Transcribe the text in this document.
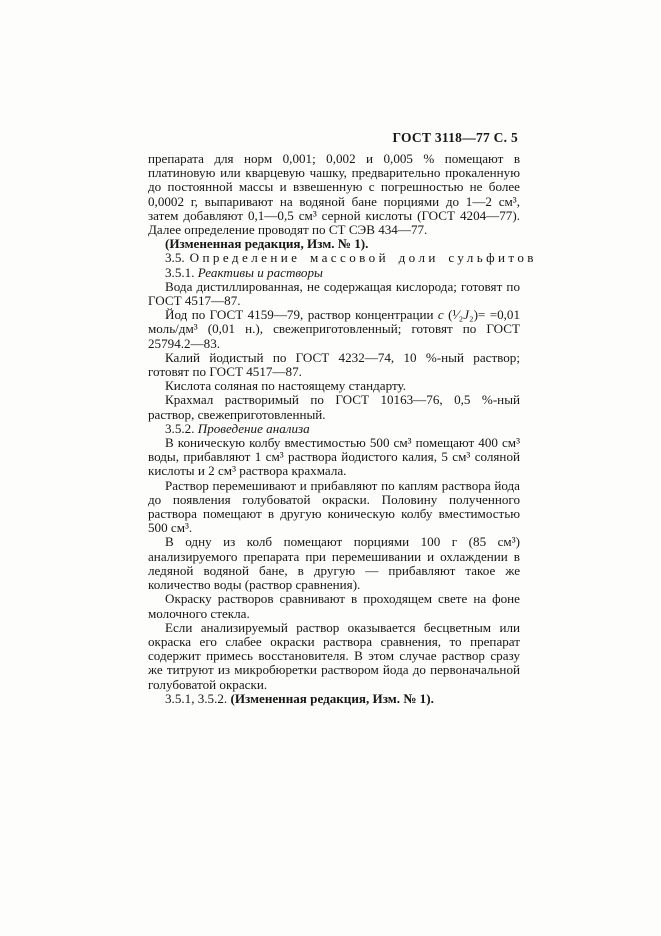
ГОСТ 3118—77 С. 5

препарата для норм 0,001; 0,002 и 0,005 % помещают в платиновую или кварцевую чашку, предварительно прокаленную до постоянной массы и взвешенную с погрешностью не более 0,0002 г, выпаривают на водяной бане порциями до 1—2 см³, затем добавляют 0,1—0,5 см³ серной кислоты (ГОСТ 4204—77). Далее определение проводят по СТ СЭВ 434—77.

(Измененная редакция, Изм. № 1).

3.5. Определение массовой доли сульфитов

3.5.1. Реактивы и растворы

Вода дистиллированная, не содержащая кислорода; готовят по ГОСТ 4517—87.

Йод по ГОСТ 4159—79, раствор концентрации с (¹⁄₂J₂)= =0,01 моль/дм³ (0,01 н.), свежеприготовленный; готовят по ГОСТ 25794.2—83.

Калий йодистый по ГОСТ 4232—74, 10 %-ный раствор; готовят по ГОСТ 4517—87.

Кислота соляная по настоящему стандарту.

Крахмал растворимый по ГОСТ 10163—76, 0,5 %-ный раствор, свежеприготовленный.

3.5.2. Проведение анализа

В коническую колбу вместимостью 500 см³ помещают 400 см³ воды, прибавляют 1 см³ раствора йодистого калия, 5 см³ соляной кислоты и 2 см³ раствора крахмала.

Раствор перемешивают и прибавляют по каплям раствора йода до появления голубоватой окраски. Половину полученного раствора помещают в другую коническую колбу вместимостью 500 см³.

В одну из колб помещают порциями 100 г (85 см³) анализируемого препарата при перемешивании и охлаждении в ледяной водяной бане, в другую — прибавляют такое же количество воды (раствор сравнения).

Окраску растворов сравнивают в проходящем свете на фоне молочного стекла.

Если анализируемый раствор оказывается бесцветным или окраска его слабее окраски раствора сравнения, то препарат содержит примесь восстановителя. В этом случае раствор сразу же титруют из микробюретки раствором йода до первоначальной голубоватой окраски.

3.5.1, 3.5.2. (Измененная редакция, Изм. № 1).
